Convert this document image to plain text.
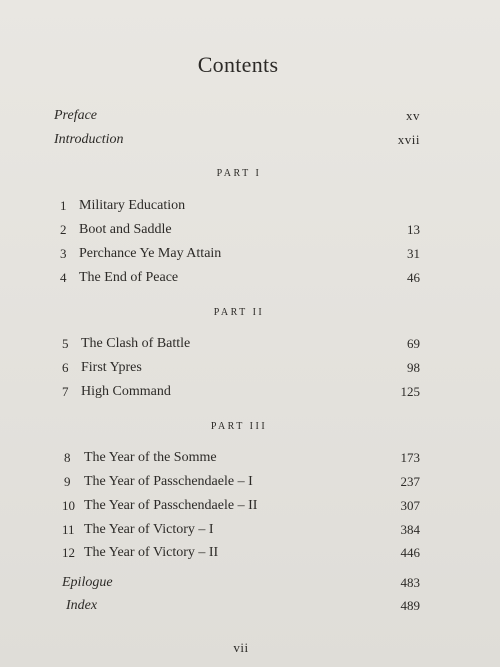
Contents
Preface	xv
Introduction	xvii
PART I
1 Military Education
2 Boot and Saddle	13
3 Perchance Ye May Attain	31
4 The End of Peace	46
PART II
5 The Clash of Battle	69
6 First Ypres	98
7 High Command	125
PART III
8 The Year of the Somme	173
9 The Year of Passchendaele – I	237
10 The Year of Passchendaele – II	307
11 The Year of Victory – I	384
12 The Year of Victory – II	446
Epilogue	483
Index	489
vii
